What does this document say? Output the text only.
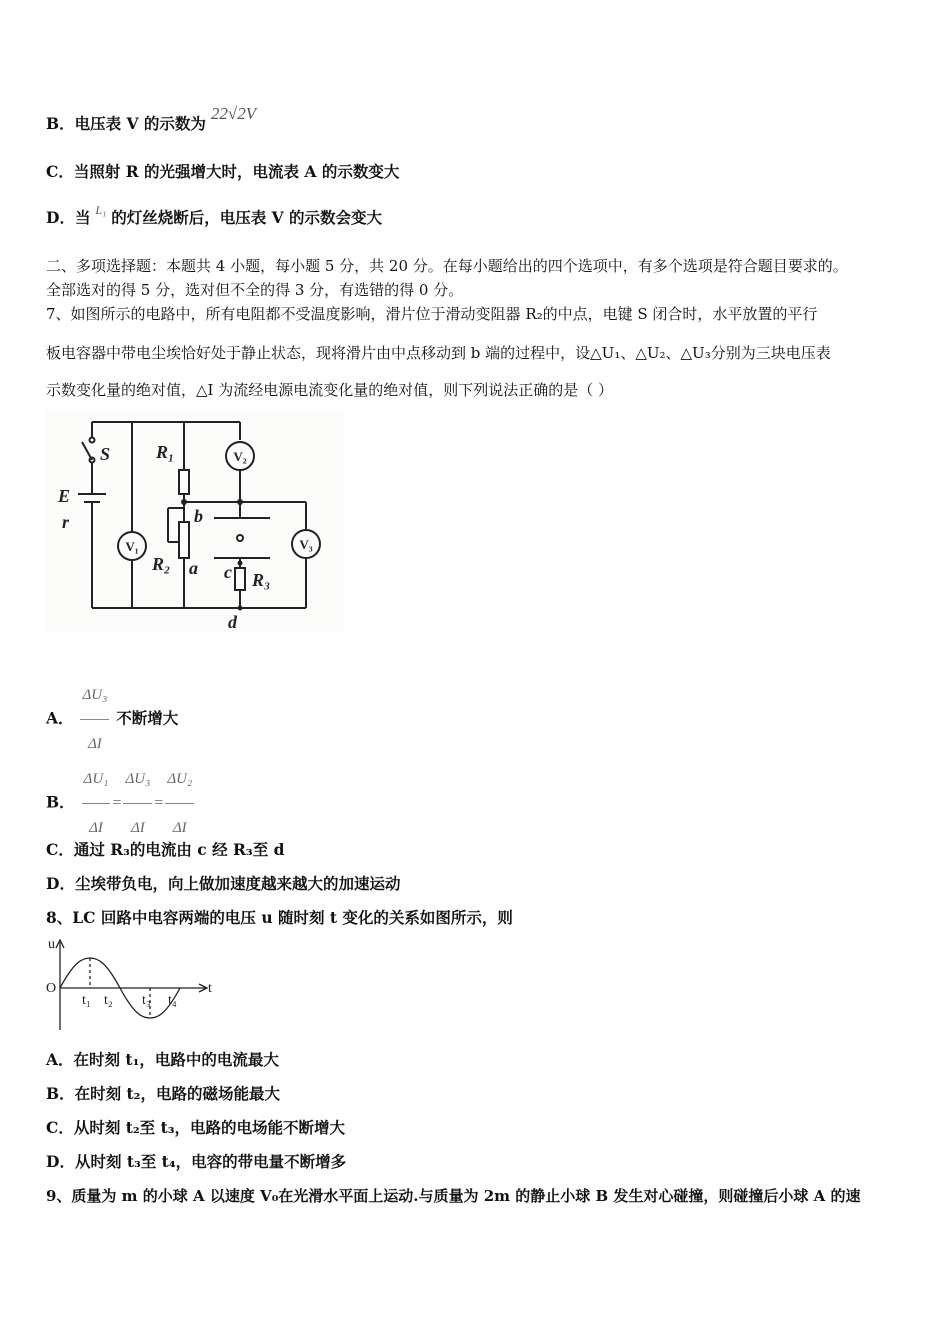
B．电压表 V 的示数为 22√2V
C．当照射 R 的光强增大时，电流表 A 的示数变大
D．当 $^{L_1}$ 的灯丝烧断后，电压表 V 的示数会变大
二、多项选择题：本题共 4 小题，每小题 5 分，共 20 分。在每小题给出的四个选项中，有多个选项是符合题目要求的。
全部选对的得 5 分，选对但不全的得 3 分，有选错的得 0 分。
7、如图所示的电路中，所有电阻都不受温度影响，滑片位于滑动变阻器 R₂的中点，电键 S 闭合时，水平放置的平行
板电容器中带电尘埃恰好处于静止状态，现将滑片由中点移动到 b 端的过程中，设△U₁、△U₂、△U₃分别为三块电压表
示数变化量的绝对值，△I 为流经电源电流变化量的绝对值，则下列说法正确的是（ ）
S
E
r
R₁
R₂
R₃
b
a c
d
V₁
V₂
V₃
A． $\frac{\text{ΔU₃}}{\Delta I}$ 不断增大
B． $\frac{\text{ΔU₁}}{\Delta I} = \frac{\text{ΔU₃}}{\Delta I} = \frac{\text{ΔU₂}}{\Delta I}$
C．通过 R₃的电流由 c 经 R₃至 d
D．尘埃带负电，向上做加速度越来越大的加速运动
8、LC 回路中电容两端的电压 u 随时刻 t 变化的关系如图所示，则
u
O	t
t₁ t₂ t₃ t₄
A．在时刻 t₁，电路中的电流最大
B．在时刻 t₂，电路的磁场能最大
C．从时刻 t₂至 t₃，电路的电场能不断增大
D．从时刻 t₃至 t₄，电容的带电量不断增多
9、质量为 m 的小球 A 以速度 V₀在光滑水平面上运动.与质量为 2m 的静止小球 B 发生对心碰撞，则碰撞后小球 A 的速
